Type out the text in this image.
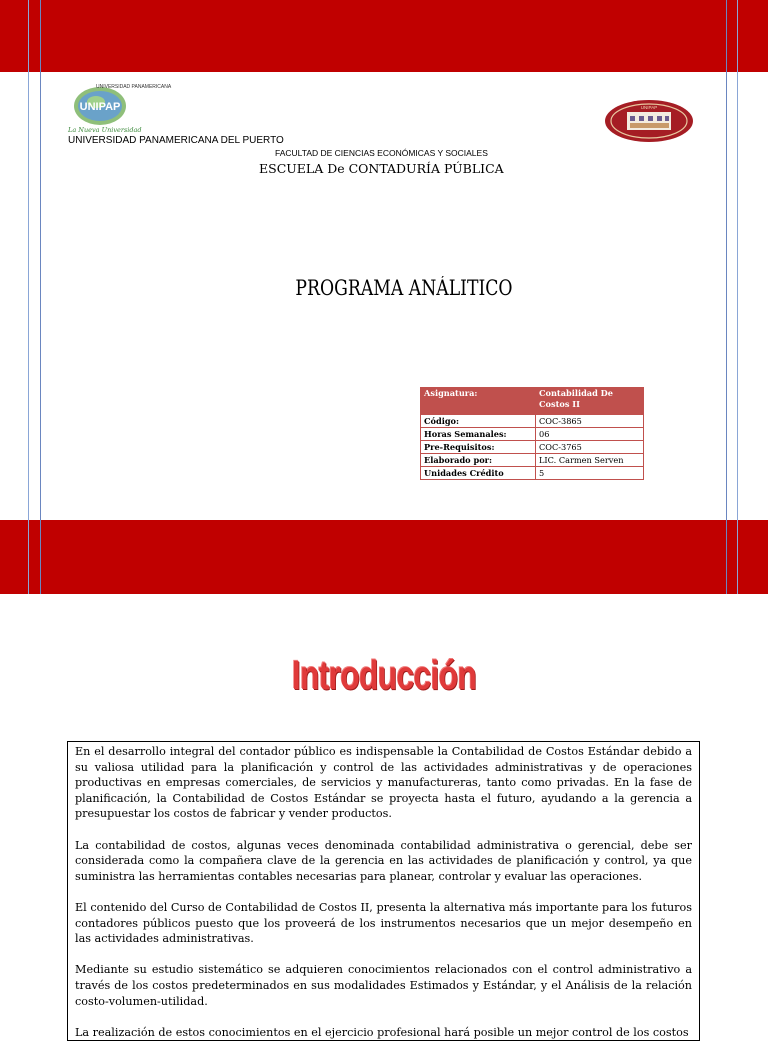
UNIPAP
UNIVERSIDAD PANAMERICANA
La Nueva Universidad
UNIPAP
UNIVERSIDAD PANAMERICANA DEL PUERTO
FACULTAD DE CIENCIAS ECONÓMICAS Y SOCIALES
ESCUELA De CONTADURÍA PÚBLICA
PROGRAMA ANÁLITICO
Asignatura:	Contabilidad De Costos II
Código:	COC-3865
Horas Semanales:	06
Pre-Requisitos:	COC-3765
Elaborado por:	LIC. Carmen Serven
Unidades Crédito	5
Introducción

En el desarrollo integral del contador público es indispensable la Contabilidad de Costos Estándar debido a su valiosa utilidad para la planificación y control de las actividades administrativas y de operaciones productivas en empresas comerciales, de servicios y manufactureras, tanto como privadas. En la fase de planificación, la Contabilidad de Costos Estándar se proyecta hasta el futuro, ayudando a la gerencia a presupuestar los costos de fabricar y vender productos.

La contabilidad de costos, algunas veces denominada contabilidad administrativa o gerencial, debe ser considerada como la compañera clave de la gerencia en las actividades de planificación y control, ya que suministra las herramientas contables necesarias para planear, controlar y evaluar las operaciones.

El contenido del Curso de Contabilidad de Costos II, presenta la alternativa más importante para los futuros contadores públicos puesto que los proveerá de los instrumentos necesarios que un mejor desempeño en las actividades administrativas.

Mediante su estudio sistemático se adquieren conocimientos relacionados con el control administrativo a través de los costos predeterminados en sus modalidades Estimados y Estándar, y el Análisis de la relación costo-volumen-utilidad.

La realización de estos conocimientos en el ejercicio profesional hará posible un mejor control de los costos
